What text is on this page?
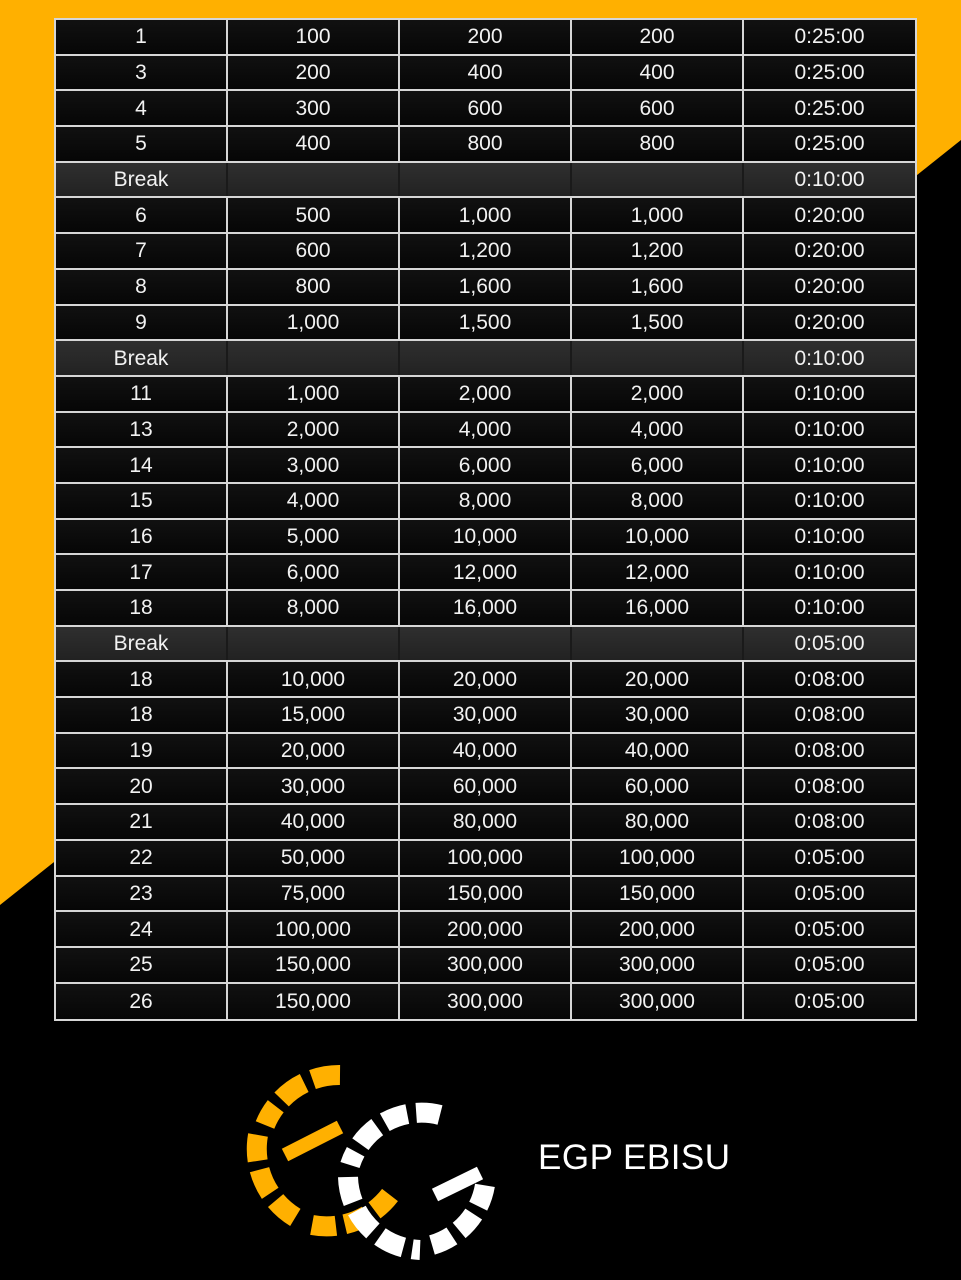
1	100	200	200	0:25:00
3	200	400	400	0:25:00
4	300	600	600	0:25:00
5	400	800	800	0:25:00
Break				0:10:00
6	500	1,000	1,000	0:20:00
7	600	1,200	1,200	0:20:00
8	800	1,600	1,600	0:20:00
9	1,000	1,500	1,500	0:20:00
Break				0:10:00
11	1,000	2,000	2,000	0:10:00
13	2,000	4,000	4,000	0:10:00
14	3,000	6,000	6,000	0:10:00
15	4,000	8,000	8,000	0:10:00
16	5,000	10,000	10,000	0:10:00
17	6,000	12,000	12,000	0:10:00
18	8,000	16,000	16,000	0:10:00
Break				0:05:00
18	10,000	20,000	20,000	0:08:00
18	15,000	30,000	30,000	0:08:00
19	20,000	40,000	40,000	0:08:00
20	30,000	60,000	60,000	0:08:00
21	40,000	80,000	80,000	0:08:00
22	50,000	100,000	100,000	0:05:00
23	75,000	150,000	150,000	0:05:00
24	100,000	200,000	200,000	0:05:00
25	150,000	300,000	300,000	0:05:00
26	150,000	300,000	300,000	0:05:00
EGP EBISU
